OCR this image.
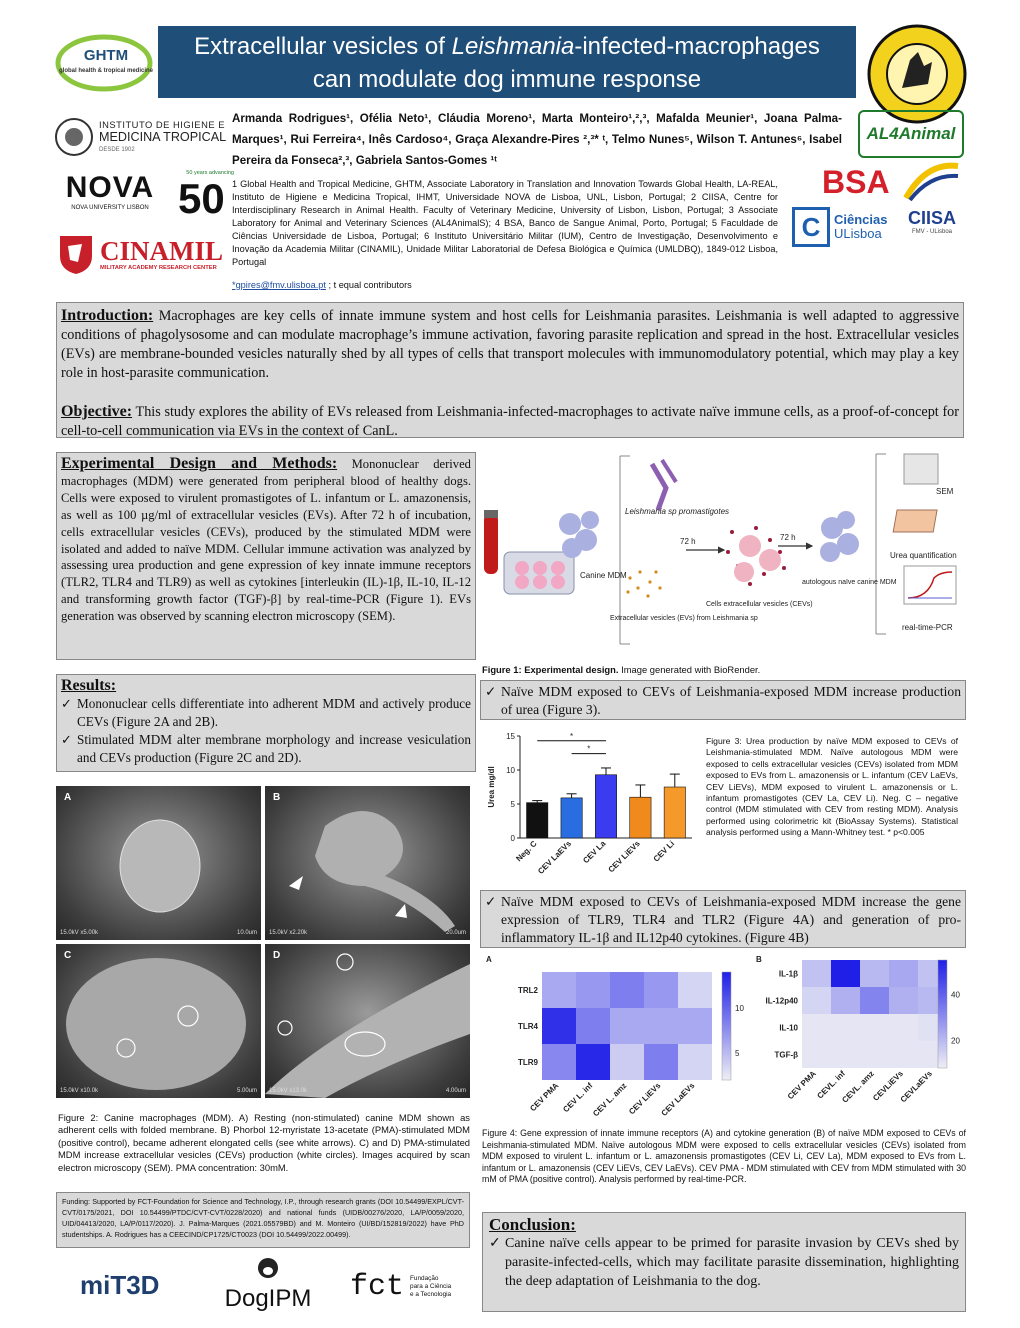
GHTM
global health & tropical medicine
Extracellular vesicles of Leishmania-infected-macrophages
can modulate dog immune response
INSTITUTO DE HIGIENE E
MEDICINA TROPICAL
DESDE 1902
NOVA
NOVA UNIVERSITY LISBON
50 years advancing
50
CINAMIL
MILITARY ACADEMY RESEARCH CENTER
Armanda Rodrigues¹, Ofélia Neto¹, Cláudia Moreno¹, Marta Monteiro¹,²,³, Mafalda Meunier¹, Joana Palma-Marques¹, Rui Ferreira⁴, Inês Cardoso⁴, Graça Alexandre-Pires ²,³* ᵗ, Telmo Nunes⁵, Wilson T. Antunes⁶, Isabel Pereira da Fonseca²,³, Gabriela Santos-Gomes ¹ᵗ
1 Global Health and Tropical Medicine, GHTM, Associate Laboratory in Translation and Innovation Towards Global Health, LA-REAL, Instituto de Higiene e Medicina Tropical, IHMT, Universidade NOVA de Lisboa, UNL, Lisbon, Portugal; 2 CIISA, Centre for Interdisciplinary Research in Animal Health. Faculty of Veterinary Medicine, University of Lisbon, Lisbon, Portugal; 3 Associate Laboratory for Animal and Veterinary Sciences (AL4AnimalS); 4 BSA, Banco de Sangue Animal, Porto, Portugal; 5 Faculdade de Ciências Universidade de Lisboa, Portugal; 6 Instituto Universitário Militar (IUM), Centro de Investigação, Desenvolvimento e Inovação da Academia Militar (CINAMIL), Unidade Militar Laboratorial de Defesa Biológica e Química (UMLDBQ), 1849-012 Lisboa, Portugal
*gpires@fmv.ulisboa.pt ; t equal contributors
AL4Animal
BSA
C	Ciências
ULisboa
CIISA
FMV - ULisboa

Introduction: Macrophages are key cells of innate immune system and host cells for Leishmania parasites. Leishmania is well adapted to aggressive conditions of phagolysosome and can modulate macrophage’s immune activation, favoring parasite replication and spread in the host. Extracellular vesicles (EVs) are membrane-bounded vesicles naturally shed by all types of cells that transport molecules with immunomodulatory potential, which may play a key role in host-parasite communication.

Objective: This study explores the ability of EVs released from Leishmania-infected-macrophages to activate naïve immune cells, as a proof-of-concept for cell-to-cell communication via EVs in the context of CanL.

Experimental Design and Methods: Mononuclear derived macrophages (MDM) were generated from peripheral blood of healthy dogs. Cells were exposed to virulent promastigotes of L. infantum or L. amazonensis, as well as 100 µg/ml of extracellular vesicles (EVs). After 72 h of incubation, cells extracellular vesicles (CEVs), produced by the stimulated MDM were isolated and added to naïve MDM. Cellular immune activation was analyzed by assessing urea production and gene expression of key innate immune receptors (TLR2, TLR4 and TLR9) as well as cytokines [interleukin (IL)-1β, IL-10, IL-12 and transforming growth factor (TGF)-β] by real-time-PCR (Figure 1). EVs generation was observed by scanning electron microscopy (SEM).
Leishmania sp promastigotes
72 h	72 h
Canine MDM
Extracellular vesicles (EVs) from Leishmania sp
Cells extracellular vesicles (CEVs)
autologous naïve canine MDM
SEM
Urea quantification
real-time-PCR
Figure 1: Experimental design. Image generated with BioRender.
Results:
✓ Mononuclear cells differentiate into adherent MDM and actively produce CEVs (Figure 2A and 2B).
✓ Stimulated MDM alter membrane morphology and increase vesiculation and CEVs production (Figure 2C and 2D).
A
15.0kV x5.00k	10.0um
B
15.0kV x2.20k	20.0um
C
15.0kV x10.0k	5.00um
D
15.0kV x13.0k	4.00um
Figure 2: Canine macrophages (MDM). A) Resting (non-stimulated) canine MDM shown as adherent cells with folded membrane. B) Phorbol 12-myristate 13-acetate (PMA)-stimulated MDM (positive control), became adherent elongated cells (see white arrows). C) and D) PMA-stimulated MDM increase extracellular vesicles (CEVs) production (white circles). Images acquired by scan electron microscopy (SEM). PMA concentration: 30mM.
Funding: Supported by FCT-Foundation for Science and Technology, I.P., through research grants (DOI 10.54499/EXPL/CVT-CVT/0175/2021, DOI 10.54499/PTDC/CVT-CVT/0228/2020) and national funds (UIDB/00276/2020, LA/P/0059/2020, UID/04413/2020, LA/P/0117/2020). J. Palma-Marques (2021.05579BD) and M. Monteiro (UI/BD/152819/2022) have PhD studentships. A. Rodrigues has a CEECIND/CP1725/CT0023 (DOI 10.54499/2022.00499).
miT3D	DogIPM	fct Fundação
para a Ciência
e a Tecnologia
✓ Naïve MDM exposed to CEVs of Leishmania-exposed MDM increase production of urea (Figure 3).
0
5
10
15
Urea mg/dl
Neg. C
CEV LaEVs CEV La CEV LiEVs CEV Li
*
*
Figure 3: Urea production by naïve MDM exposed to CEVs of Leishmania-stimulated MDM. Naïve autologous MDM were exposed to cells extracellular vesicles (CEVs) isolated from MDM exposed to EVs from L. amazonensis or L. infantum (CEV LaEVs, CEV LiEVs), MDM exposed to virulent L. amazonensis or L. infantum promastigotes (CEV La, CEV Li). Neg. C – negative control (MDM stimulated with CEV from resting MDM). Analysis performed using colorimetric kit (BioAssay Systems). Statistical analysis performed using a Mann-Whitney test. * p<0.005
✓ Naïve MDM exposed to CEVs of Leishmania-exposed MDM increase the gene expression of TLR9, TLR4 and TLR2 (Figure 4A) and generation of pro-inflammatory IL-1β and IL12p40 cytokines. (Figure 4B)
A
TRL2
TLR4
TLR9
CEV PMA CEV L. inf
CEV L. amz
CEV LiEVs
CEV LaEVs
5
10
B
IL-1β
IL-12p40
IL-10
TGF-β
CEV PMA
CEVL. inf
CEVL. amz
CEVLiEVs
CEVLaEVs
20
40
Figure 4: Gene expression of innate immune receptors (A) and cytokine generation (B) of naïve MDM exposed to CEVs of Leishmania-stimulated MDM. Naïve autologous MDM were exposed to cells extracellular vesicles (CEVs) isolated from MDM exposed to virulent L. infantum or L. amazonensis promastigotes (CEV Li, CEV La), MDM exposed to EVs from L. infantum or L. amazonensis (CEV LiEVs, CEV LaEVs). CEV PMA - MDM stimulated with CEV from MDM stimulated with 30 mM of PMA (positive control). Analysis performed by real-time-PCR.
Conclusion:
✓ Canine naïve cells appear to be primed for parasite invasion by CEVs shed by parasite-infected-cells, which may facilitate parasite dissemination, highlighting the deep adaptation of Leishmania to the dog.
